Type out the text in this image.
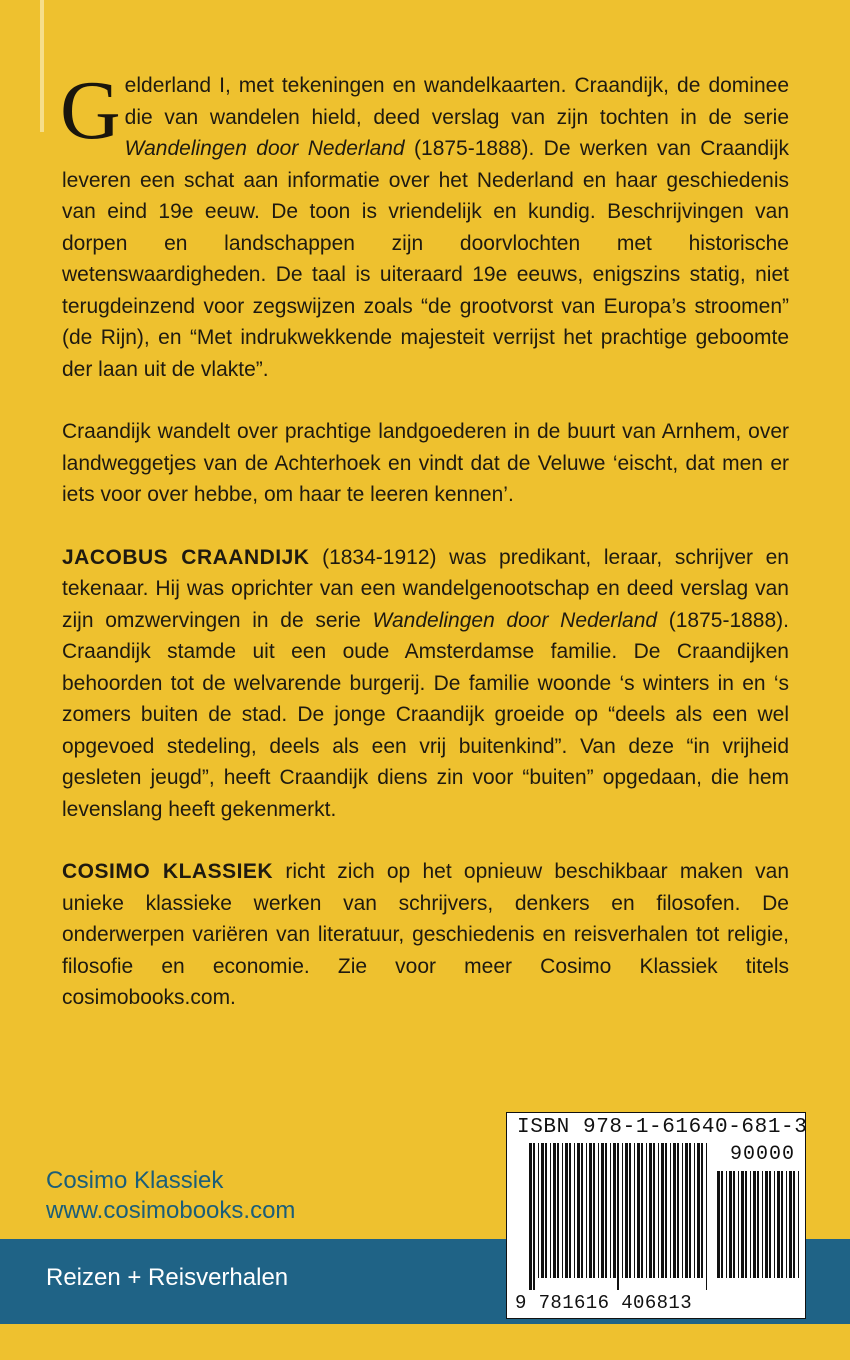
Gelderland I, met tekeningen en wandelkaarten. Craandijk, de dominee die van wandelen hield, deed verslag van zijn tochten in de serie Wandelingen door Nederland (1875-1888). De werken van Craandijk leveren een schat aan informatie over het Nederland en haar geschiedenis van eind 19e eeuw. De toon is vriendelijk en kundig. Beschrijvingen van dorpen en landschappen zijn doorvlochten met historische wetenswaardigheden. De taal is uiteraard 19e eeuws, enigszins statig, niet terugdeinzend voor zegswijzen zoals “de grootvorst van Europa’s stroomen” (de Rijn), en “Met indrukwekkende majesteit verrijst het prachtige geboomte der laan uit de vlakte”.

Craandijk wandelt over prachtige landgoederen in de buurt van Arnhem, over landweggetjes van de Achterhoek en vindt dat de Veluwe ‘eischt, dat men er iets voor over hebbe, om haar te leeren kennen’.

JACOBUS CRAANDIJK (1834-1912) was predikant, leraar, schrijver en tekenaar. Hij was oprichter van een wandelgenootschap en deed verslag van zijn omzwervingen in de serie Wandelingen door Nederland (1875-1888). Craandijk stamde uit een oude Amsterdamse familie. De Craandijken behoorden tot de welvarende burgerij. De familie woonde ‘s winters in en ‘s zomers buiten de stad. De jonge Craandijk groeide op “deels als een wel opgevoed stedeling, deels als een vrij buitenkind”. Van deze “in vrijheid gesleten jeugd”, heeft Craandijk diens zin voor “buiten” opgedaan, die hem levenslang heeft gekenmerkt.

COSIMO KLASSIEK richt zich op het opnieuw beschikbaar maken van unieke klassieke werken van schrijvers, denkers en filosofen. De onderwerpen variëren van literatuur, geschiedenis en reisverhalen tot religie, filosofie en economie. Zie voor meer Cosimo Klassiek titels cosimobooks.com.

Cosimo Klassiek
www.cosimobooks.com
Reizen + Reisverhalen
ISBN 978-1-61640-681-3
90000
9 781616 406813
